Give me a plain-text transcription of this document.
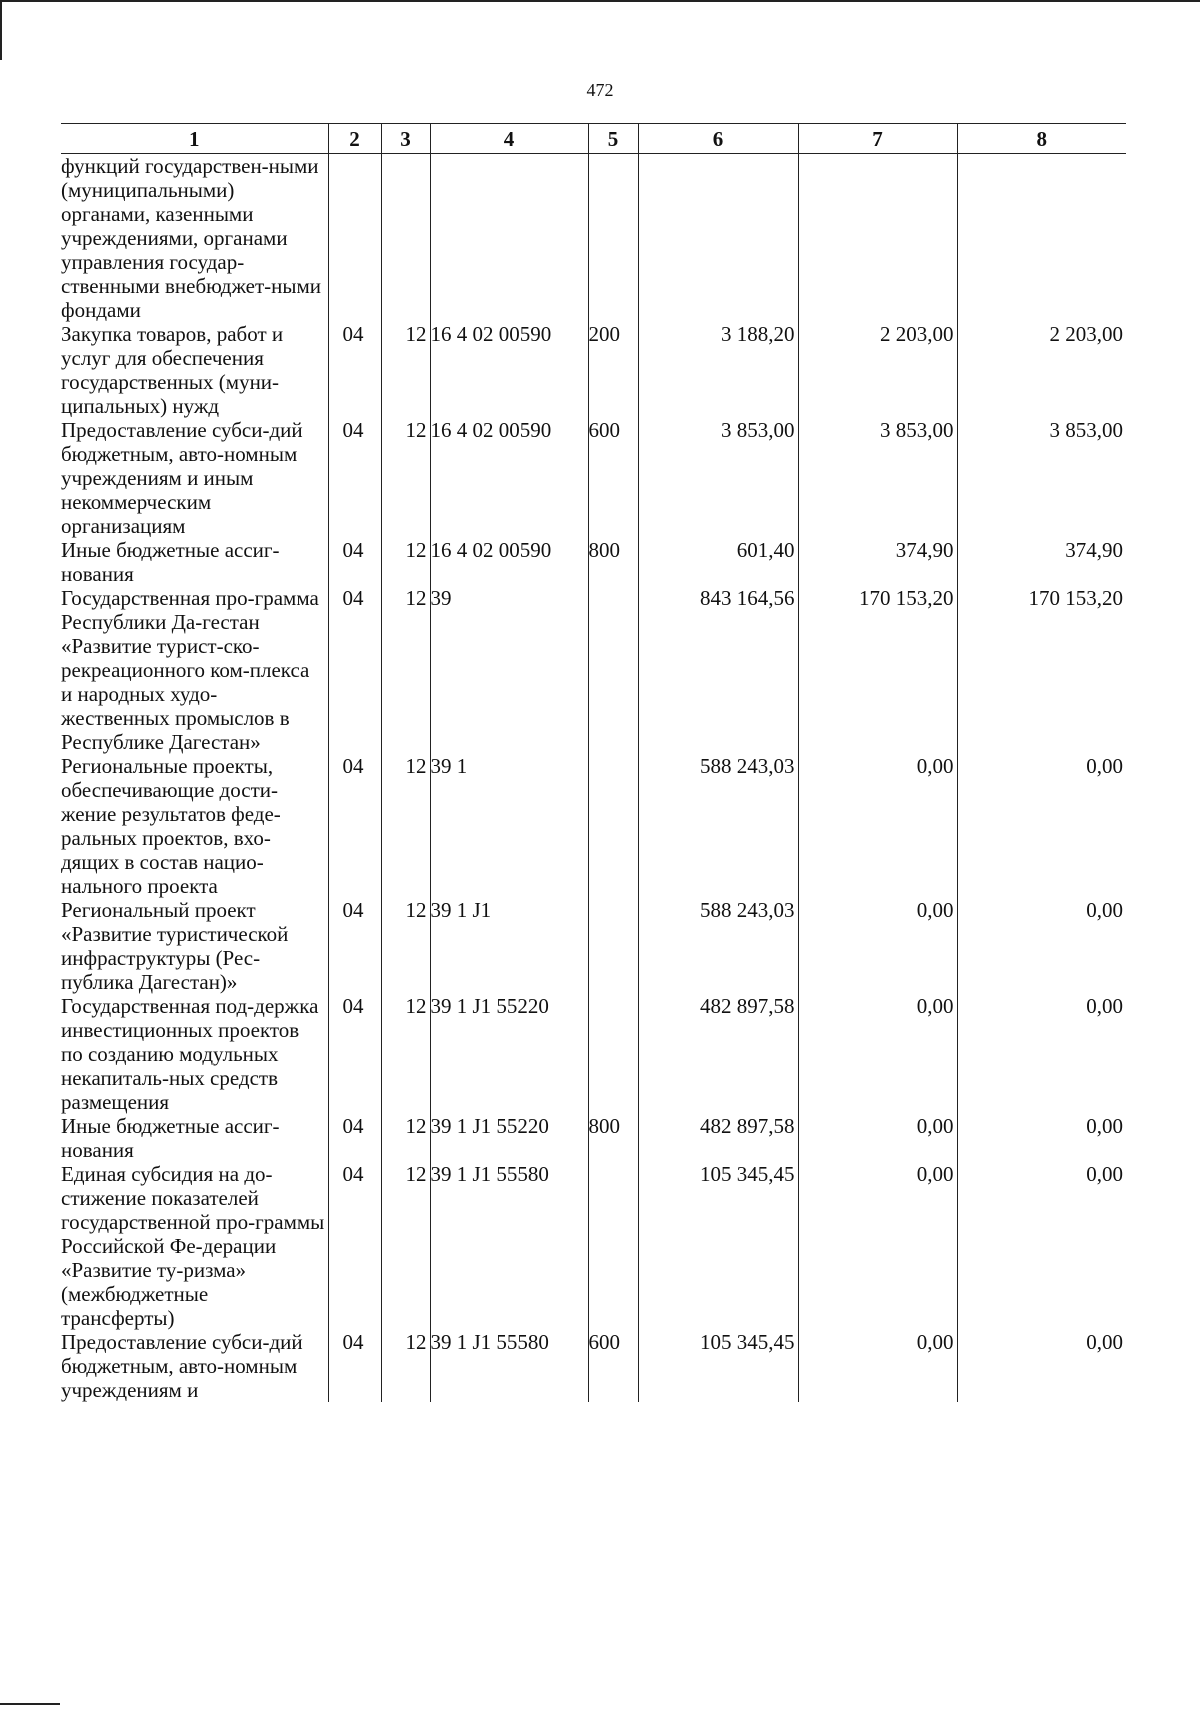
472
1	2	3	4	5	6	7	8
функций государствен-ными (муниципальными) органами, казенными учреждениями, органами управления государ-ственными внебюджет-ными фондами							
Закупка товаров, работ и услуг для обеспечения государственных (муни-ципальных) нужд	04	12	16 4 02 00590	200	3 188,20	2 203,00	2 203,00
Предоставление субси-дий бюджетным, авто-номным учреждениям и иным некоммерческим организациям	04	12	16 4 02 00590	600	3 853,00	3 853,00	3 853,00
Иные бюджетные ассиг-нования	04	12	16 4 02 00590	800	601,40	374,90	374,90
Государственная про-грамма Республики Да-гестан «Развитие турист-ско-рекреационного ком-плекса и народных худо-жественных промыслов в Республике Дагестан»	04	12	39		843 164,56	170 153,20	170 153,20
Региональные проекты, обеспечивающие дости-жение результатов феде-ральных проектов, вхо-дящих в состав нацио-нального проекта	04	12	39 1		588 243,03	0,00	0,00
Региональный проект «Развитие туристической инфраструктуры (Рес-публика Дагестан)»	04	12	39 1 J1		588 243,03	0,00	0,00
Государственная под-держка инвестиционных проектов по созданию модульных некапиталь-ных средств размещения	04	12	39 1 J1 55220		482 897,58	0,00	0,00
Иные бюджетные ассиг-нования	04	12	39 1 J1 55220	800	482 897,58	0,00	0,00
Единая субсидия на до-стижение показателей государственной про-граммы Российской Фе-дерации «Развитие ту-ризма» (межбюджетные трансферты)	04	12	39 1 J1 55580		105 345,45	0,00	0,00
Предоставление субси-дий бюджетным, авто-номным учреждениям и	04	12	39 1 J1 55580	600	105 345,45	0,00	0,00
